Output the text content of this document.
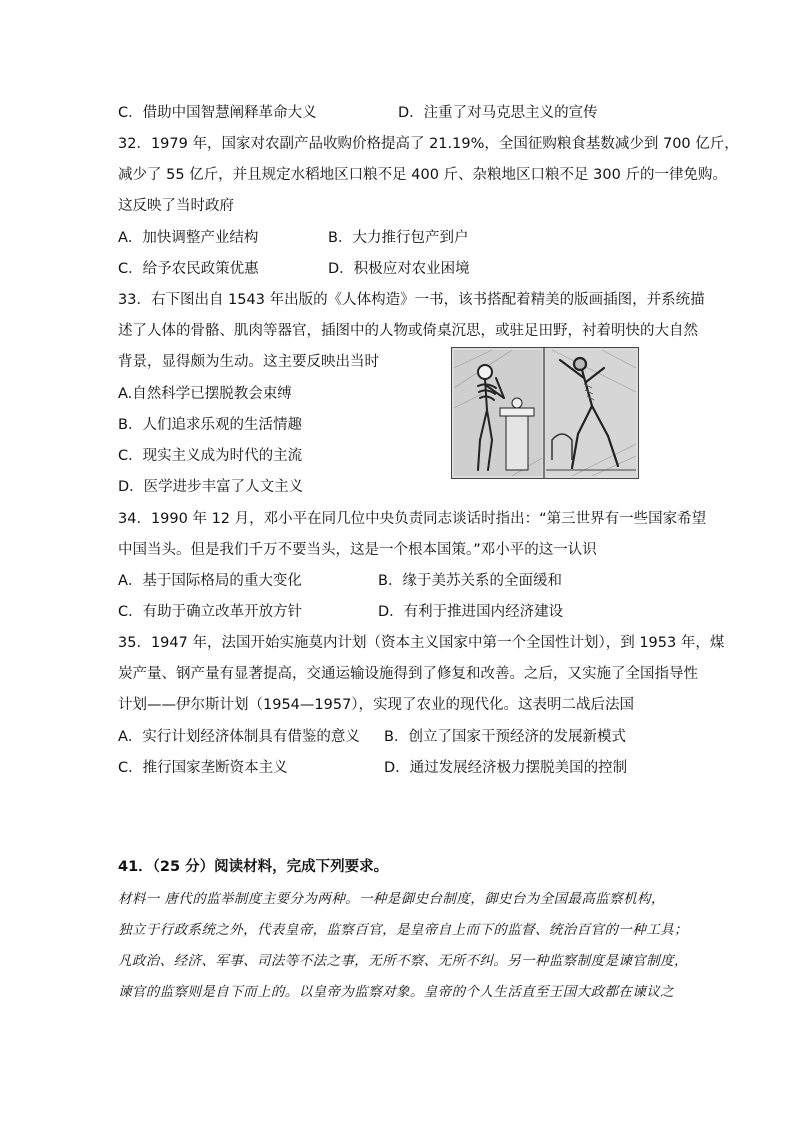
C．借助中国智慧阐释革命大义	D．注重了对马克思主义的宣传
32．1979 年，国家对农副产品收购价格提高了 21.19%，全国征购粮食基数减少到 700 亿斤，
减少了 55 亿斤，并且规定水稻地区口粮不足 400 斤、杂粮地区口粮不足 300 斤的一律免购。
这反映了当时政府
A．加快调整产业结构	B．大力推行包产到户
C．给予农民政策优惠	D．积极应对农业困境
33．右下图出自 1543 年出版的《人体构造》一书，该书搭配着精美的版画插图，并系统描
述了人体的骨骼、肌肉等器官，插图中的人物或倚桌沉思，或驻足田野，衬着明快的大自然
背景，显得颇为生动。这主要反映出当时
A.自然科学已摆脱教会束缚
B．人们追求乐观的生活情趣
C．现实主义成为时代的主流
D．医学进步丰富了人文主义
34．1990 年 12 月，邓小平在同几位中央负责同志谈话时指出：“第三世界有一些国家希望
中国当头。但是我们千万不要当头，这是一个根本国策。”邓小平的这一认识
A．基于国际格局的重大变化	B．缘于美苏关系的全面缓和
C．有助于确立改革开放方针	D．有利于推进国内经济建设
35．1947 年，法国开始实施莫内计划（资本主义国家中第一个全国性计划），到 1953 年，煤
炭产量、钢产量有显著提高，交通运输设施得到了修复和改善。之后，又实施了全国指导性
计划——伊尔斯计划（1954—1957），实现了农业的现代化。这表明二战后法国
A．实行计划经济体制具有借鉴的意义 B．创立了国家干预经济的发展新模式
C．推行国家垄断资本主义	D．通过发展经济极力摆脱美国的控制
41．（25 分）阅读材料，完成下列要求。
材料一 唐代的监举制度主要分为两种。一种是御史台制度，御史台为全国最高监察机构，
独立于行政系统之外，代表皇帝，监察百官，是皇帝自上而下的监督、统治百官的一种工具；
凡政治、经济、军事、司法等不法之事，无所不察、无所不纠。另一种监察制度是谏官制度，
谏官的监察则是自下而上的。以皇帝为监察对象。皇帝的个人生活直至王国大政都在谏议之
